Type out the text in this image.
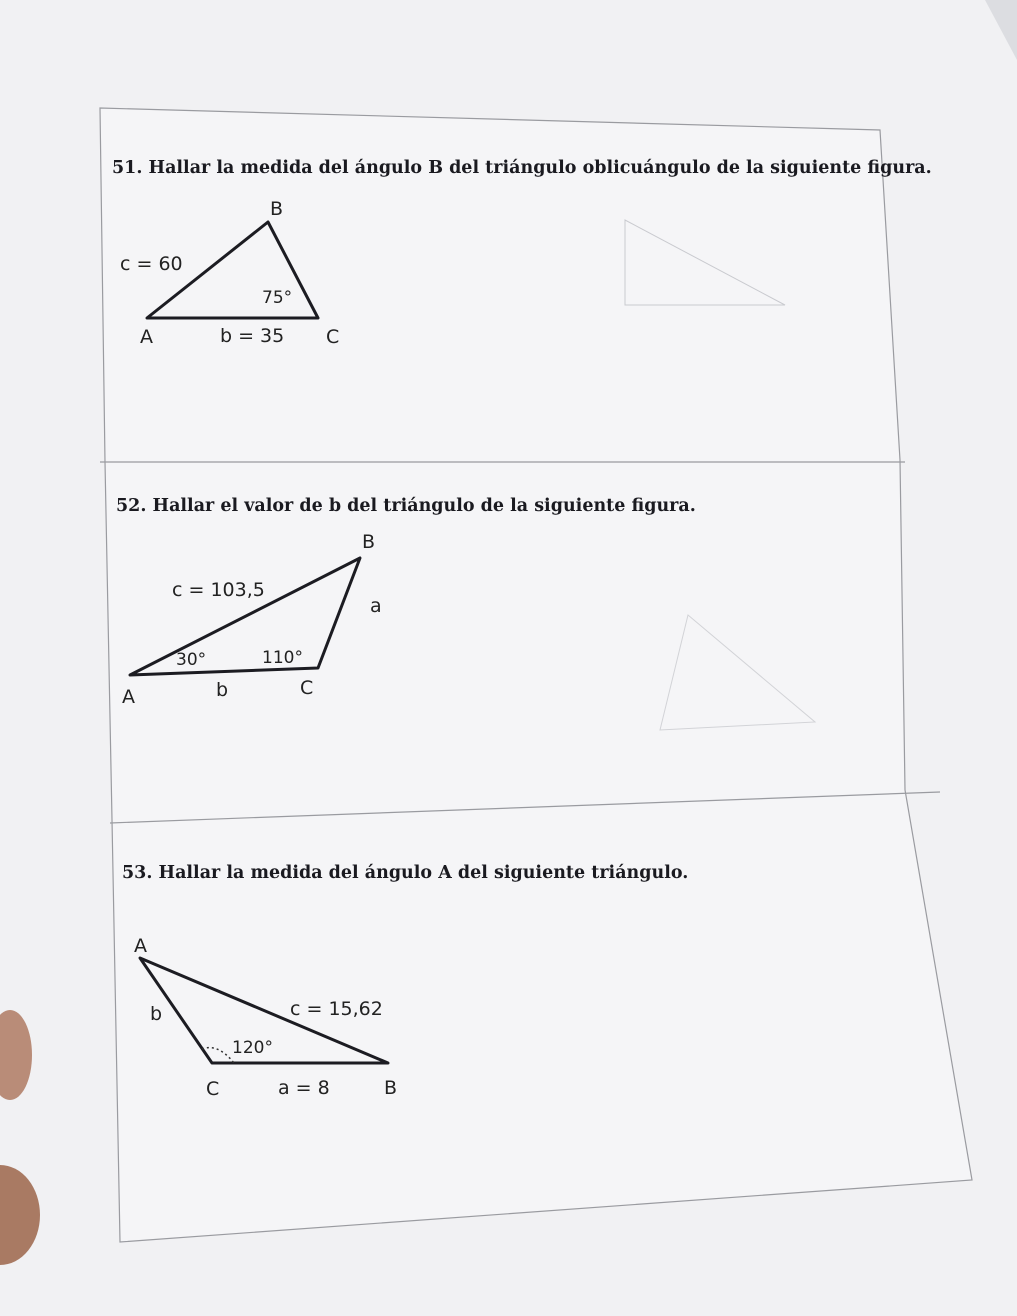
51. Hallar la medida del ángulo B del triángulo oblicuángulo de la siguiente figura.
B
c = 60
75°
A	b = 35 C
52. Hallar el valor de b del triángulo de la siguiente figura.
B
c = 103,5
a
30°	110°
A	b	C
53. Hallar la medida del ángulo A del siguiente triángulo.
A
b	c = 15,62
120°
C	a = 8	B
